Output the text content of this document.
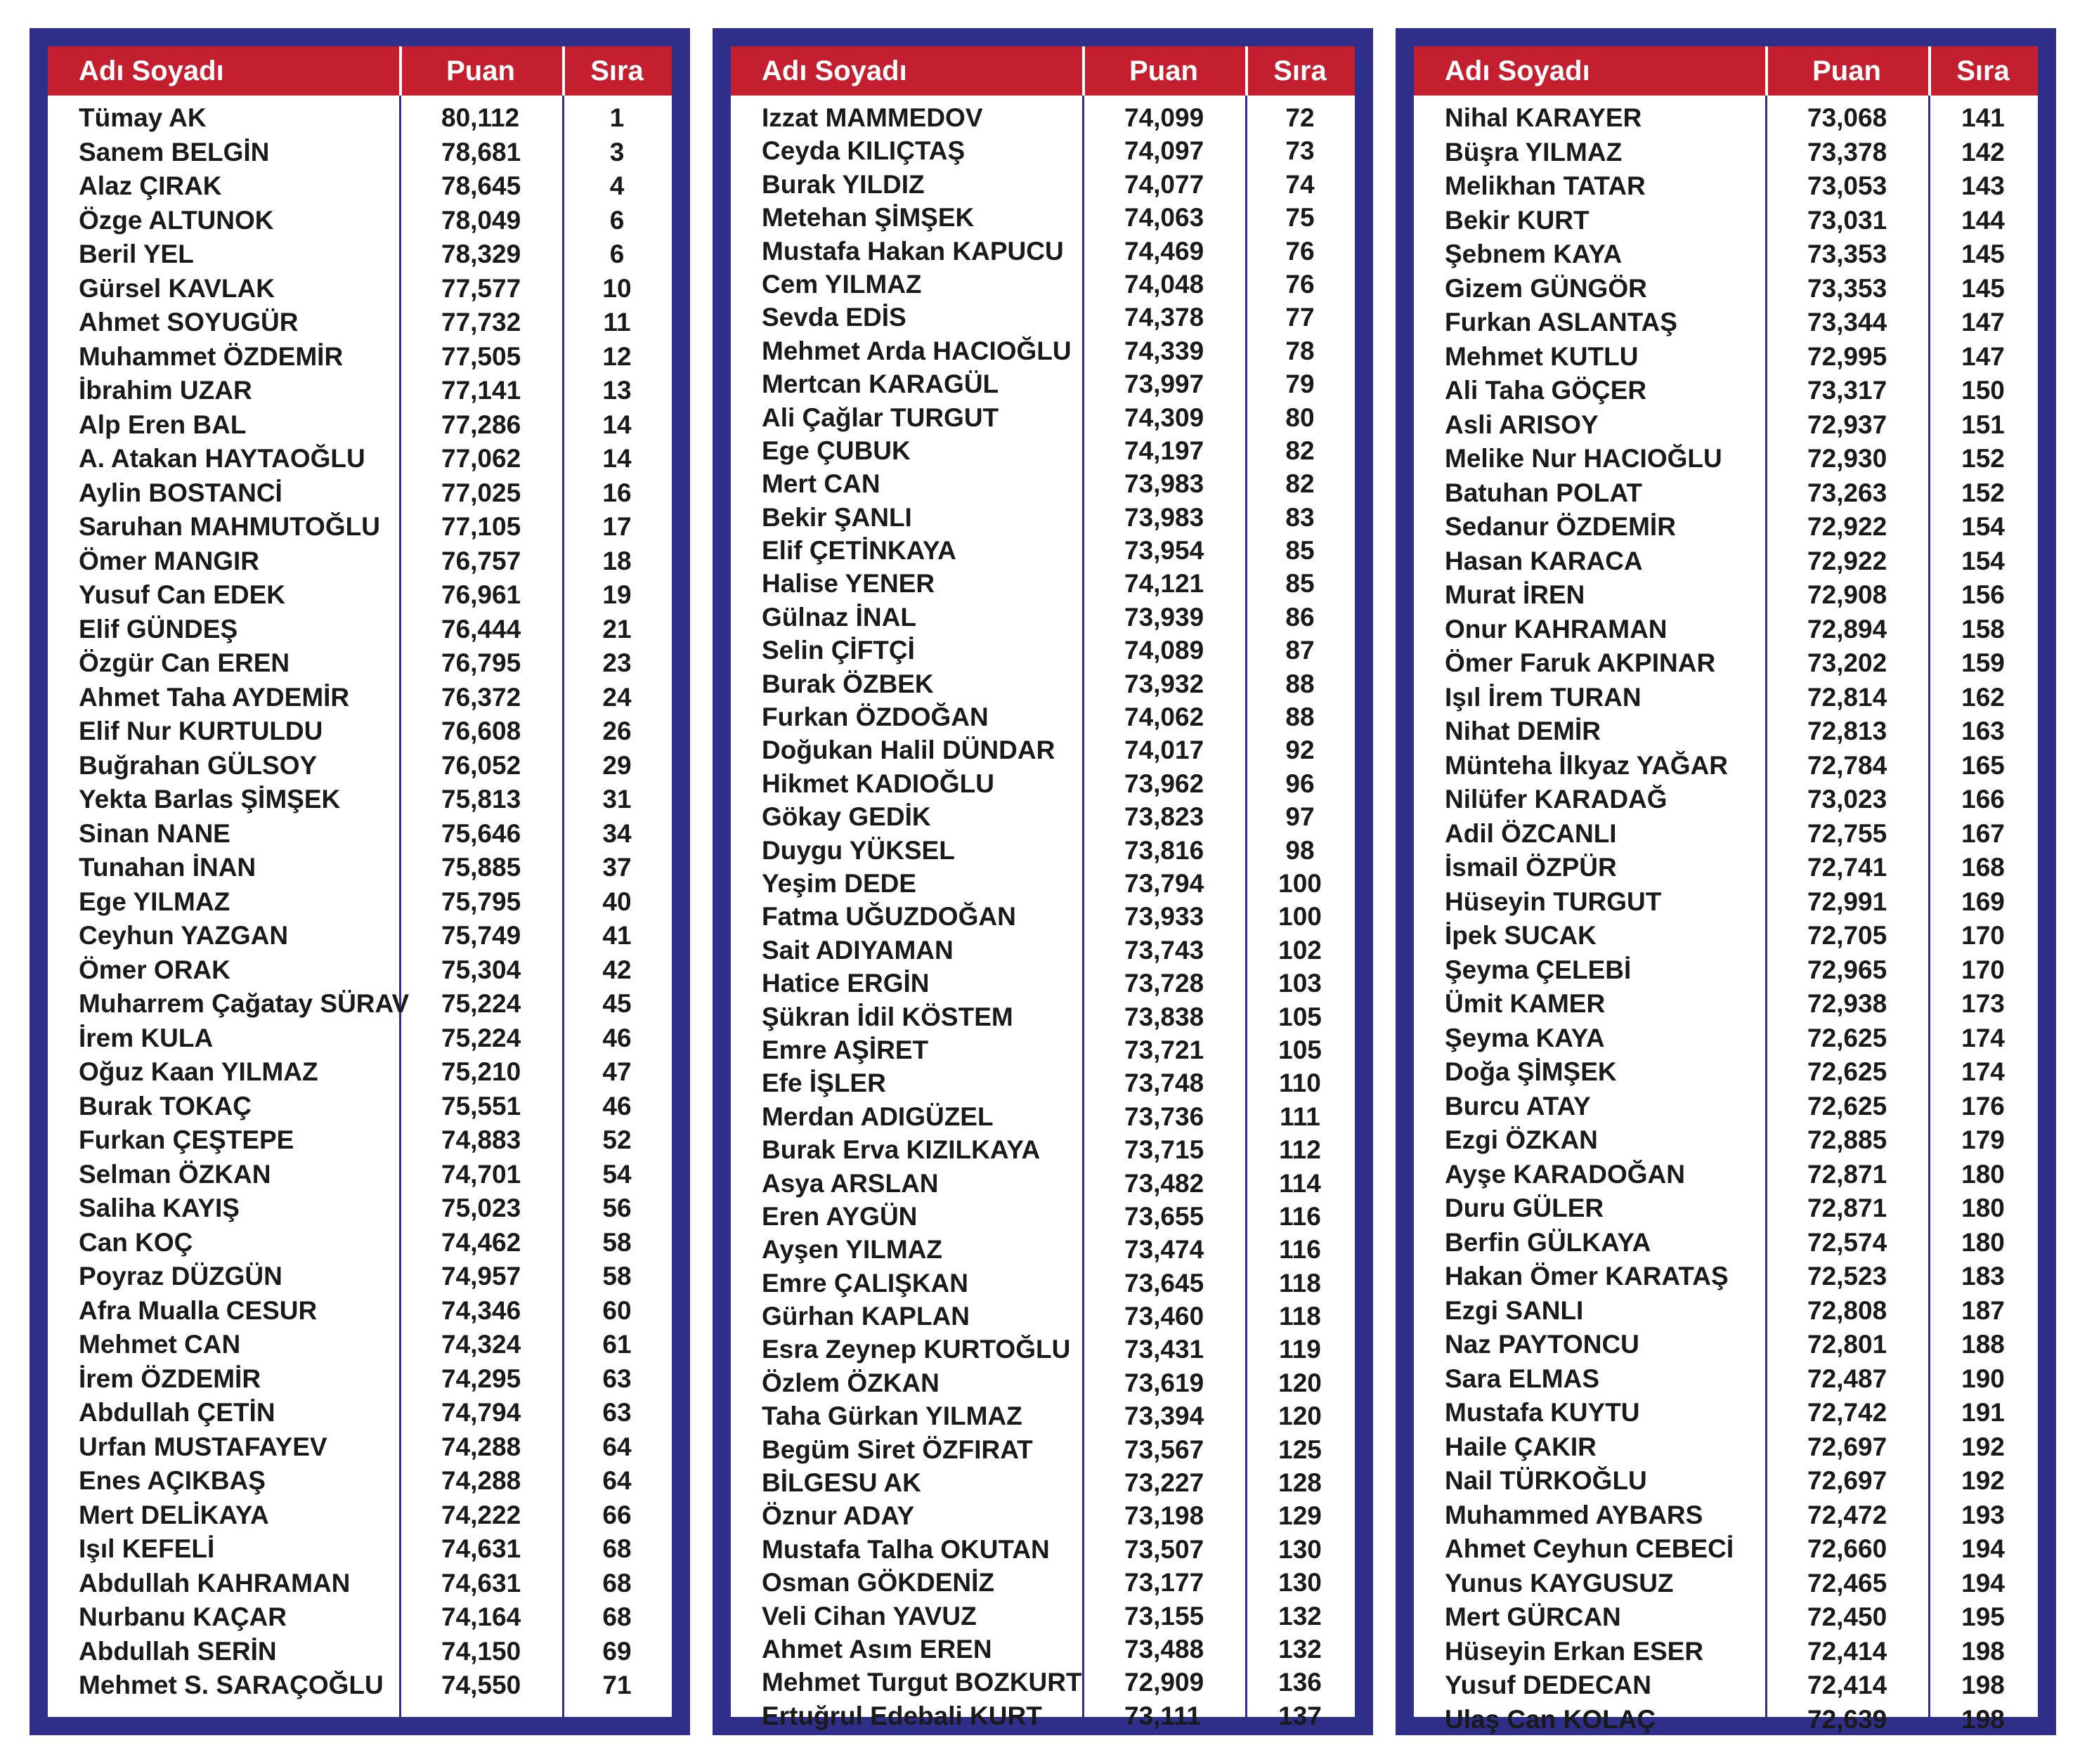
Adı Soyadı	Puan	Sıra
Tümay AK	80,112	1
Sanem BELGİN	78,681	3
Alaz ÇIRAK	78,645	4
Özge ALTUNOK	78,049	6
Beril YEL	78,329	6
Gürsel KAVLAK	77,577	10
Ahmet SOYUGÜR	77,732	11
Muhammet ÖZDEMİR	77,505	12
İbrahim UZAR	77,141	13
Alp Eren BAL	77,286	14
A. Atakan HAYTAOĞLU	77,062	14
Aylin BOSTANCİ	77,025	16
Saruhan MAHMUTOĞLU 77,105	17
Ömer MANGIR	76,757	18
Yusuf Can EDEK	76,961	19
Elif GÜNDEŞ	76,444	21
Özgür Can EREN	76,795	23
Ahmet Taha AYDEMİR	76,372	24
Elif Nur KURTULDU	76,608	26
Buğrahan GÜLSOY	76,052	29
Yekta Barlas ŞİMŞEK	75,813	31
Sinan NANE	75,646	34
Tunahan İNAN	75,885	37
Ege YILMAZ	75,795	40
Ceyhun YAZGAN	75,749	41
Ömer ORAK	75,304	42
Muharrem Çağatay SÜRAV 75,224	45
İrem KULA	75,224	46
Oğuz Kaan YILMAZ	75,210	47
Burak TOKAÇ	75,551	46
Furkan ÇEŞTEPE	74,883	52
Selman ÖZKAN	74,701	54
Saliha KAYIŞ	75,023	56
Can KOÇ	74,462	58
Poyraz DÜZGÜN	74,957	58
Afra Mualla CESUR	74,346	60
Mehmet CAN	74,324	61
İrem ÖZDEMİR	74,295	63
Abdullah ÇETİN	74,794	63
Urfan MUSTAFAYEV	74,288	64
Enes AÇIKBAŞ	74,288	64
Mert DELİKAYA	74,222	66
Işıl KEFELİ	74,631	68
Abdullah KAHRAMAN	74,631	68
Nurbanu KAÇAR	74,164	68
Abdullah SERİN	74,150	69
Mehmet S. SARAÇOĞLU 74,550	71
Adı Soyadı	Puan	Sıra
Izzat MAMMEDOV	74,099	72
Ceyda KILIÇTAŞ	74,097	73
Burak YILDIZ	74,077	74
Metehan ŞİMŞEK	74,063	75
Mustafa Hakan KAPUCU 74,469	76
Cem YILMAZ	74,048	76
Sevda EDİS	74,378	77
Mehmet Arda HACIOĞLU 74,339	78
Mertcan KARAGÜL	73,997	79
Ali Çağlar TURGUT	74,309	80
Ege ÇUBUK	74,197	82
Mert CAN	73,983	82
Bekir ŞANLI	73,983	83
Elif ÇETİNKAYA	73,954	85
Halise YENER	74,121	85
Gülnaz İNAL	73,939	86
Selin ÇİFTÇİ	74,089	87
Burak ÖZBEK	73,932	88
Furkan ÖZDOĞAN	74,062	88
Doğukan Halil DÜNDAR	74,017	92
Hikmet KADIOĞLU	73,962	96
Gökay GEDİK	73,823	97
Duygu YÜKSEL	73,816	98
Yeşim DEDE	73,794	100
Fatma UĞUZDOĞAN	73,933	100
Sait ADIYAMAN	73,743	102
Hatice ERGİN	73,728	103
Şükran İdil KÖSTEM	73,838	105
Emre AŞİRET	73,721	105
Efe İŞLER	73,748	110
Merdan ADIGÜZEL	73,736	111
Burak Erva KIZILKAYA	73,715	112
Asya ARSLAN	73,482	114
Eren AYGÜN	73,655	116
Ayşen YILMAZ	73,474	116
Emre ÇALIŞKAN	73,645	118
Gürhan KAPLAN	73,460	118
Esra Zeynep KURTOĞLU 73,431	119
Özlem ÖZKAN	73,619	120
Taha Gürkan YILMAZ	73,394	120
Begüm Siret ÖZFIRAT	73,567	125
BİLGESU AK	73,227	128
Öznur ADAY	73,198	129
Mustafa Talha OKUTAN	73,507	130
Osman GÖKDENİZ	73,177	130
Veli Cihan YAVUZ	73,155	132
Ahmet Asım EREN	73,488	132
Mehmet Turgut BOZKURT 72,909	136
Ertuğrul Edebali KURT	73,111	137
Adı Soyadı	Puan	Sıra
Nihal KARAYER	73,068	141
Büşra YILMAZ	73,378	142
Melikhan TATAR	73,053	143
Bekir KURT	73,031	144
Şebnem KAYA	73,353	145
Gizem GÜNGÖR	73,353	145
Furkan ASLANTAŞ	73,344	147
Mehmet KUTLU	72,995	147
Ali Taha GÖÇER	73,317	150
Asli ARISOY	72,937	151
Melike Nur HACIOĞLU	72,930	152
Batuhan POLAT	73,263	152
Sedanur ÖZDEMİR	72,922	154
Hasan KARACA	72,922	154
Murat İREN	72,908	156
Onur KAHRAMAN	72,894	158
Ömer Faruk AKPINAR	73,202	159
Işıl İrem TURAN	72,814	162
Nihat DEMİR	72,813	163
Münteha İlkyaz YAĞAR	72,784	165
Nilüfer KARADAĞ	73,023	166
Adil ÖZCANLI	72,755	167
İsmail ÖZPÜR	72,741	168
Hüseyin TURGUT	72,991	169
İpek SUCAK	72,705	170
Şeyma ÇELEBİ	72,965	170
Ümit KAMER	72,938	173
Şeyma KAYA	72,625	174
Doğa ŞİMŞEK	72,625	174
Burcu ATAY	72,625	176
Ezgi ÖZKAN	72,885	179
Ayşe KARADOĞAN	72,871	180
Duru GÜLER	72,871	180
Berfin GÜLKAYA	72,574	180
Hakan Ömer KARATAŞ	72,523	183
Ezgi SANLI	72,808	187
Naz PAYTONCU	72,801	188
Sara ELMAS	72,487	190
Mustafa KUYTU	72,742	191
Haile ÇAKIR	72,697	192
Nail TÜRKOĞLU	72,697	192
Muhammed AYBARS	72,472	193
Ahmet Ceyhun CEBECİ	72,660	194
Yunus KAYGUSUZ	72,465	194
Mert GÜRCAN	72,450	195
Hüseyin Erkan ESER	72,414	198
Yusuf DEDECAN	72,414	198
Ulaş Can KOLAÇ	72,639	198
